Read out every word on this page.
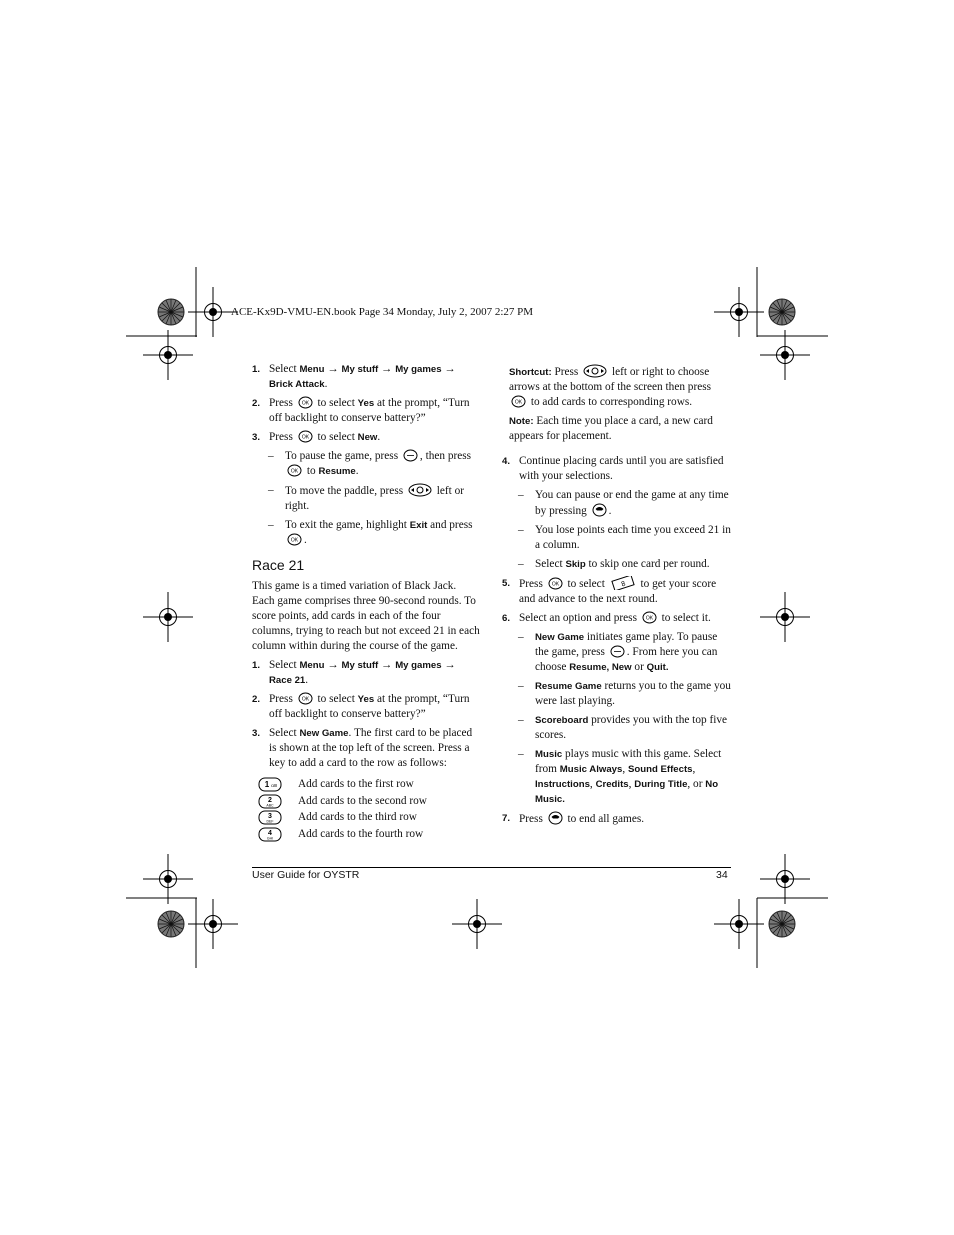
ACE-Kx9D-VMU-EN.book Page 34 Monday, July 2, 2007 2:27 PM
1. Select Menu → My stuff → My games → Brick Attack.
2. Press OK to select Yes at the prompt, “Turn off backlight to conserve battery?”
3. Press OK to select New.
– To pause the game, press , then press
OK to Resume.
– To move the paddle, press  left or right.
– To exit the game, highlight Exit and press
OK .
Race 21
This game is a timed variation of Black Jack. Each game comprises three 90-second rounds. To score points, add cards in each of the four columns, trying to reach but not exceed 21 in each column within during the course of the game.
1. Select Menu → My stuff → My games → Race 21.
2. Press OK to select Yes at the prompt, “Turn off backlight to conserve battery?”
3. Select New Game. The first card to be placed is shown at the top left of the screen. Press a key to add a card to the row as follows:
1 ΩⅢ Add cards to the first row
2
ABC Add cards to the second row
3
DEF Add cards to the third row
4
GHI Add cards to the fourth row
Shortcut: Press  left or right to choose arrows at the bottom of the screen then press
OK to add cards to corresponding rows.
Note: Each time you place a card, a new card appears for placement.
4. Continue placing cards until you are satisfied with your selections.
– You can pause or end the game at any time by pressing .
– You lose points each time you exceed 21 in a column.
– Select Skip to skip one card per round.
5. Press OK to select 8 to get your score and advance to the next round.
6. Select an option and press OK to select it.
– New Game initiates game play. To pause the game, press . From here you can choose Resume, New or Quit.
– Resume Game returns you to the game you were last playing.
– Scoreboard provides you with the top five scores.
– Music plays music with this game. Select from Music Always, Sound Effects, Instructions, Credits, During Title, or No Music.
7. Press  to end all games.
User Guide for OYSTR	34
